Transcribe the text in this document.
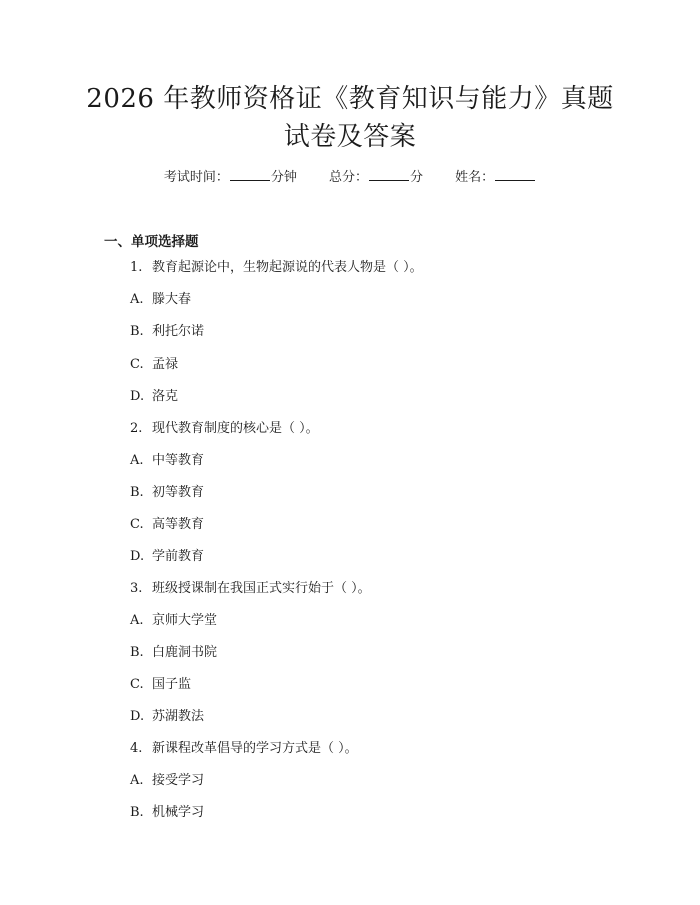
2026 年教师资格证《教育知识与能力》真题
试卷及答案
考试时间：	分钟 总分：	分 姓名：
一、单项选择题
1. 教育起源论中，生物起源说的代表人物是（ ）。
A. 滕大春
B. 利托尔诺
C. 孟禄
D. 洛克
2. 现代教育制度的核心是（ ）。
A. 中等教育
B. 初等教育
C. 高等教育
D. 学前教育
3. 班级授课制在我国正式实行始于（ ）。
A. 京师大学堂
B. 白鹿洞书院
C. 国子监
D. 苏湖教法
4. 新课程改革倡导的学习方式是（ ）。
A. 接受学习
B. 机械学习
